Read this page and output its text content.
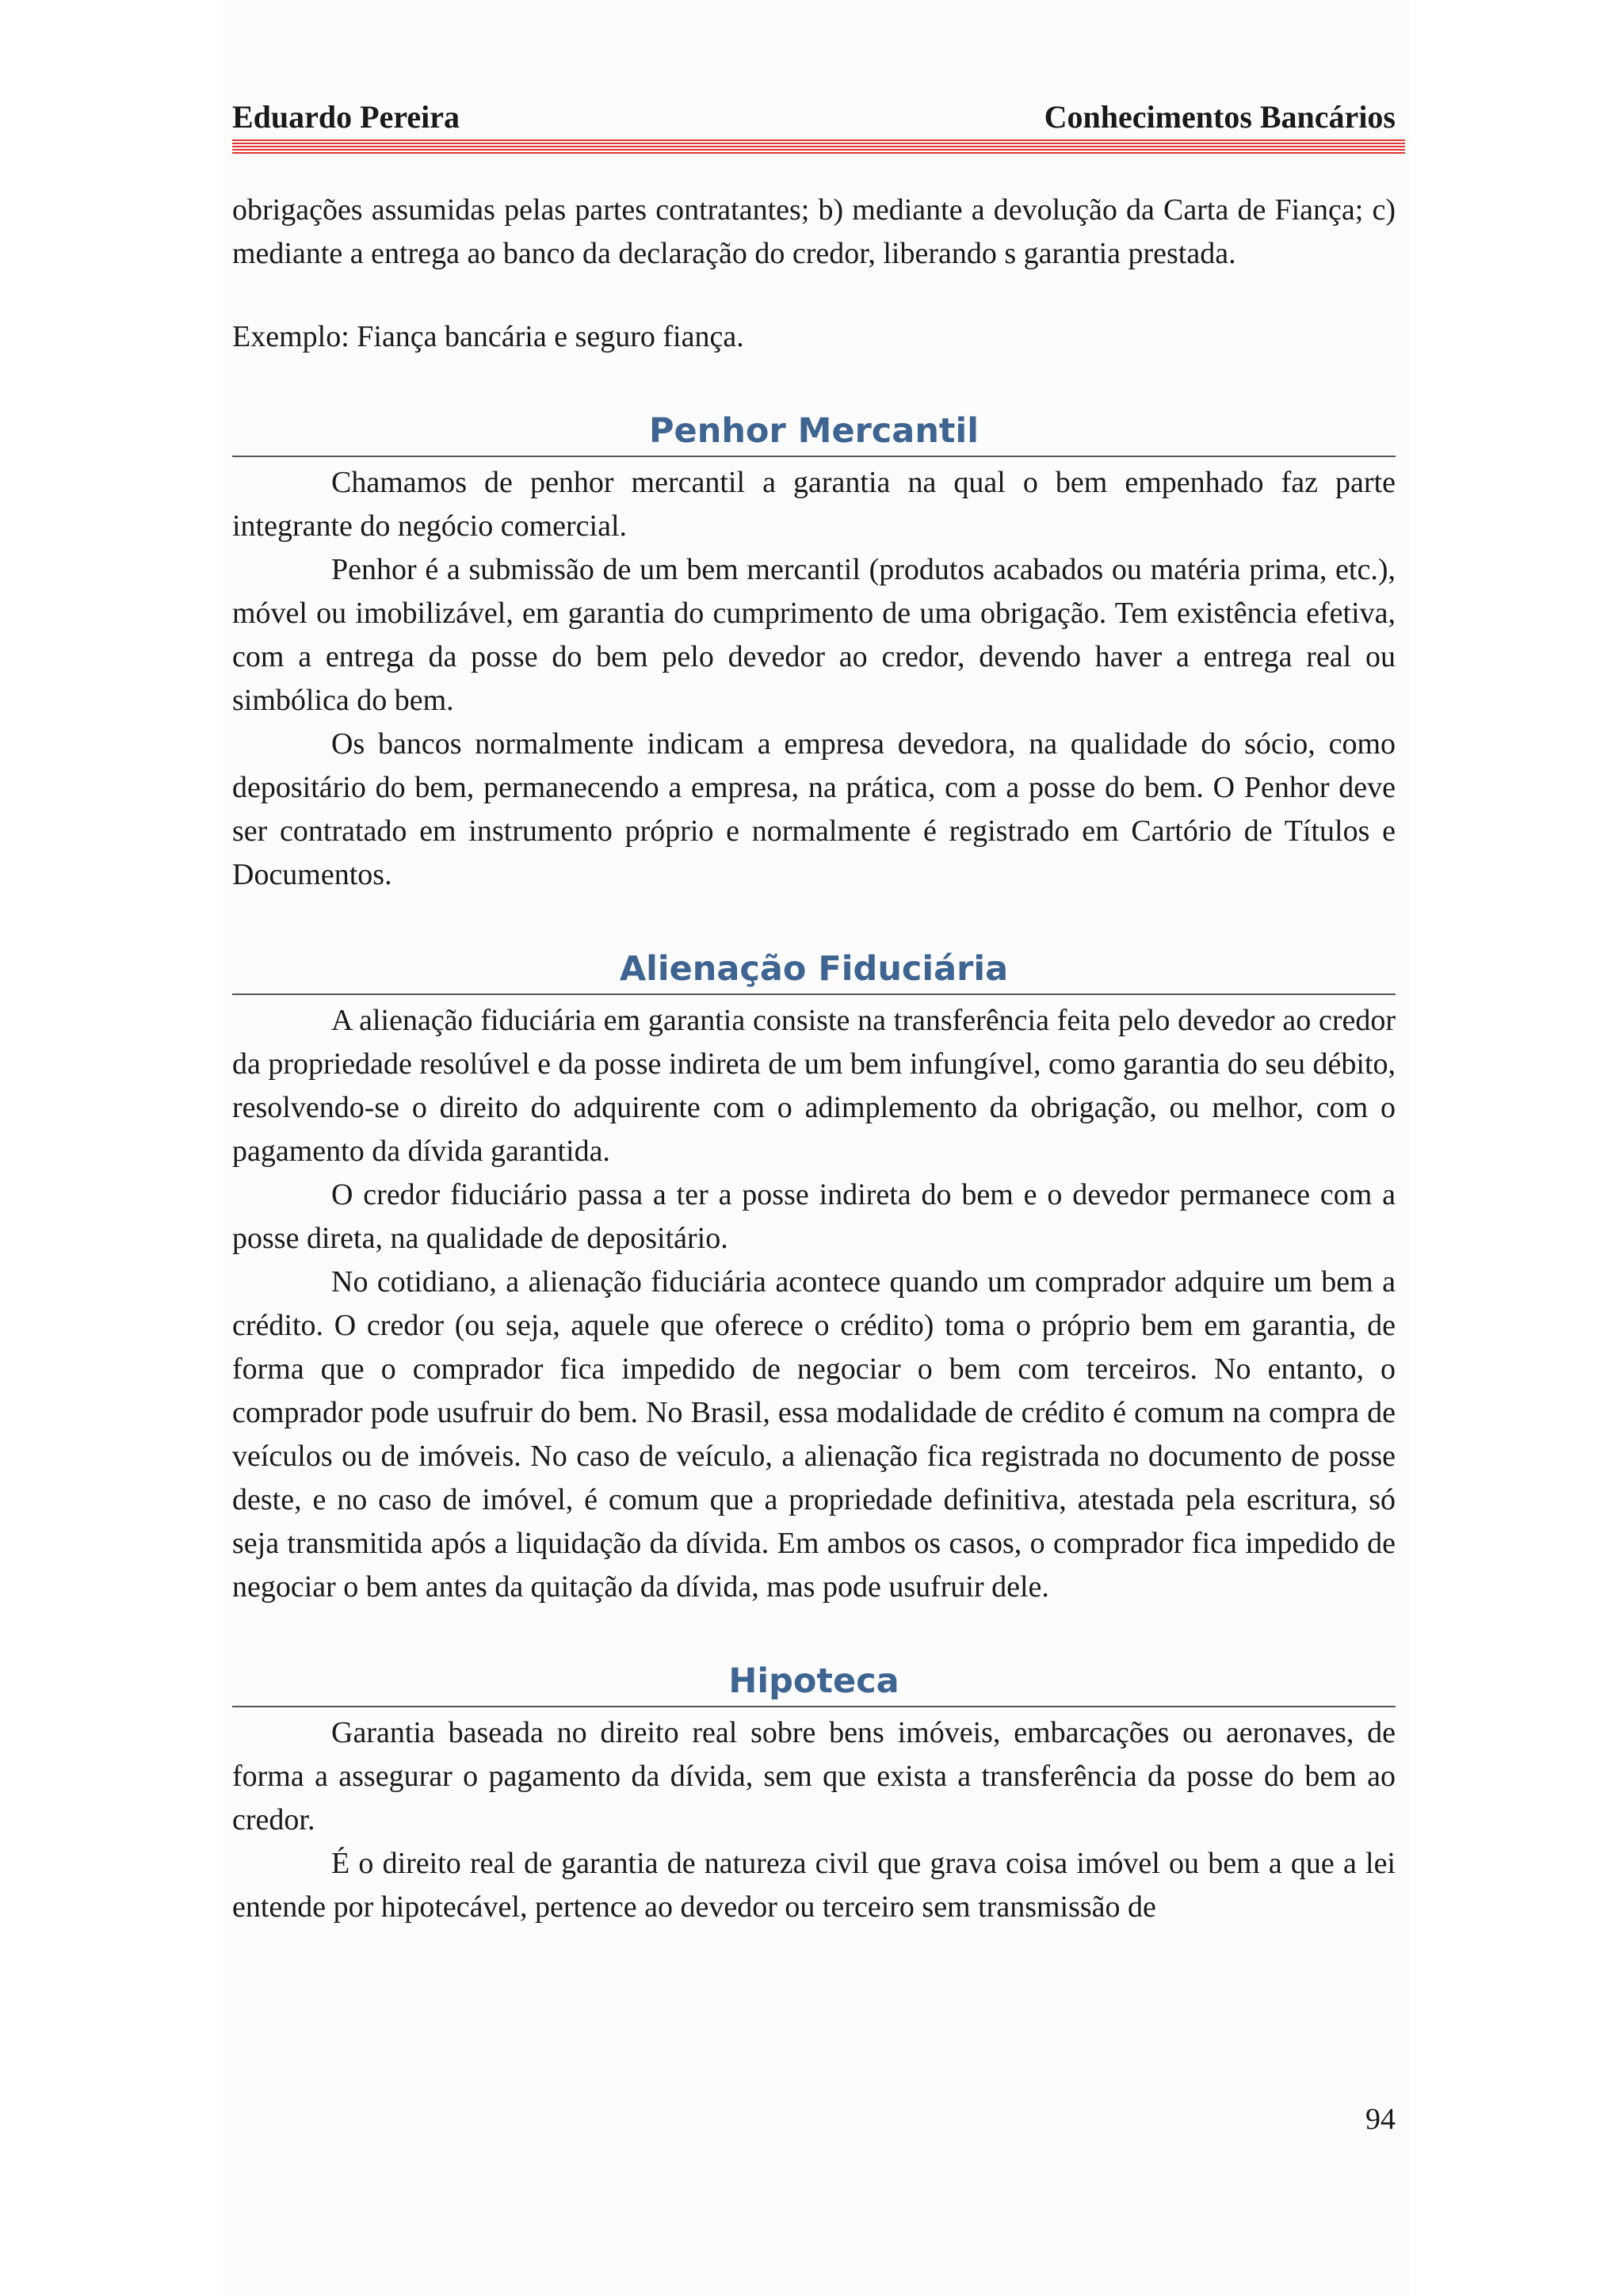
Eduardo Pereira	Conhecimentos Bancários

obrigações assumidas pelas partes contratantes; b) mediante a devolução da Carta de Fiança; c) mediante a entrega ao banco da declaração do credor, liberando s garantia prestada.

Exemplo: Fiança bancária e seguro fiança.

Penhor Mercantil

Chamamos de penhor mercantil a garantia na qual o bem empenhado faz parte integrante do negócio comercial.

Penhor é a submissão de um bem mercantil (produtos acabados ou matéria prima, etc.), móvel ou imobilizável, em garantia do cumprimento de uma obrigação. Tem existência efetiva, com a entrega da posse do bem pelo devedor ao credor, devendo haver a entrega real ou simbólica do bem.

Os bancos normalmente indicam a empresa devedora, na qualidade do sócio, como depositário do bem, permanecendo a empresa, na prática, com a posse do bem. O Penhor deve ser contratado em instrumento próprio e normalmente é registrado em Cartório de Títulos e Documentos.

Alienação Fiduciária

A alienação fiduciária em garantia consiste na transferência feita pelo devedor ao credor da propriedade resolúvel e da posse indireta de um bem infungível, como garantia do seu débito, resolvendo-se o direito do adquirente com o adimplemento da obrigação, ou melhor, com o pagamento da dívida garantida.

O credor fiduciário passa a ter a posse indireta do bem e o devedor permanece com a posse direta, na qualidade de depositário.

No cotidiano, a alienação fiduciária acontece quando um comprador adquire um bem a crédito. O credor (ou seja, aquele que oferece o crédito) toma o próprio bem em garantia, de forma que o comprador fica impedido de negociar o bem com terceiros. No entanto, o comprador pode usufruir do bem. No Brasil, essa modalidade de crédito é comum na compra de veículos ou de imóveis. No caso de veículo, a alienação fica registrada no documento de posse deste, e no caso de imóvel, é comum que a propriedade definitiva, atestada pela escritura, só seja transmitida após a liquidação da dívida. Em ambos os casos, o comprador fica impedido de negociar o bem antes da quitação da dívida, mas pode usufruir dele.

Hipoteca

Garantia baseada no direito real sobre bens imóveis, embarcações ou aeronaves, de forma a assegurar o pagamento da dívida, sem que exista a transferência da posse do bem ao credor.

É o direito real de garantia de natureza civil que grava coisa imóvel ou bem a que a lei entende por hipotecável, pertence ao devedor ou terceiro sem transmissão de

94
